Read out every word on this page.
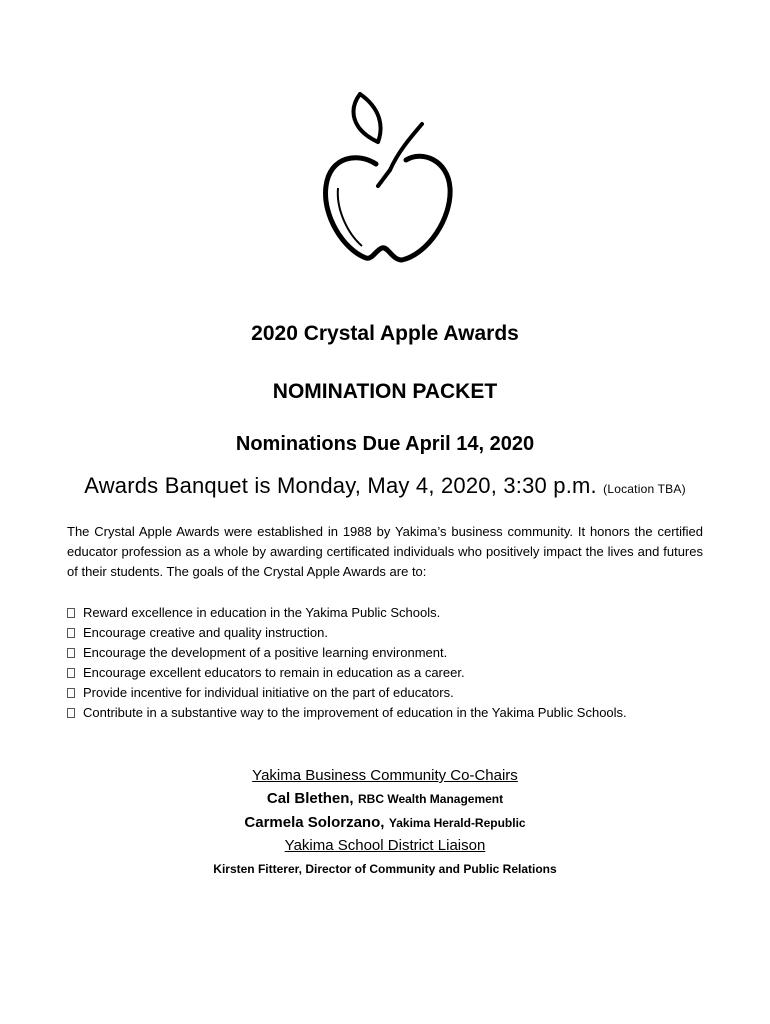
2020 Crystal Apple Awards
NOMINATION PACKET
Nominations Due April 14, 2020
Awards Banquet is Monday, May 4, 2020, 3:30 p.m. (Location TBA)
The Crystal Apple Awards were established in 1988 by Yakima’s business community. It honors the certified educator profession as a whole by awarding certificated individuals who positively impact the lives and futures of their students. The goals of the Crystal Apple Awards are to:
Reward excellence in education in the Yakima Public Schools.
Encourage creative and quality instruction.
Encourage the development of a positive learning environment.
Encourage excellent educators to remain in education as a career.
Provide incentive for individual initiative on the part of educators.
Contribute in a substantive way to the improvement of education in the Yakima Public Schools.
Yakima Business Community Co-Chairs
Cal Blethen, RBC Wealth Management
Carmela Solorzano, Yakima Herald-Republic
Yakima School District Liaison
Kirsten Fitterer, Director of Community and Public Relations
